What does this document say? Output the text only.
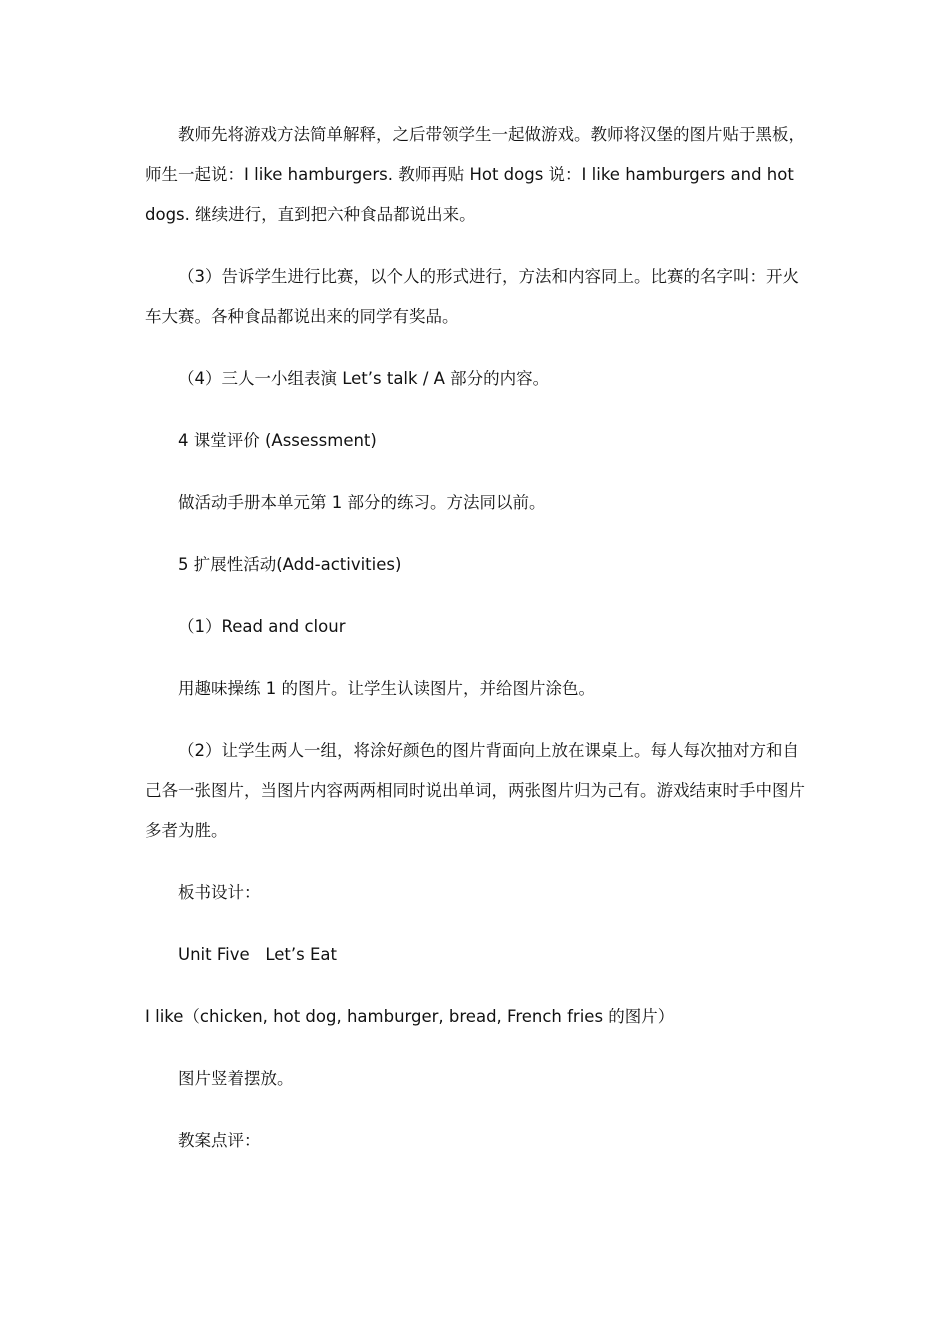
教师先将游戏方法简单解释，之后带领学生一起做游戏。教师将汉堡的图片贴于黑板，师生一起说：I like hamburgers. 教师再贴 Hot dogs 说：I like hamburgers and hot dogs. 继续进行，直到把六种食品都说出来。

（3）告诉学生进行比赛，以个人的形式进行，方法和内容同上。比赛的名字叫：开火车大赛。各种食品都说出来的同学有奖品。

（4）三人一小组表演 Let’s talk / A 部分的内容。

4 课堂评价 (Assessment)

做活动手册本单元第 1 部分的练习。方法同以前。

5 扩展性活动(Add-activities)

（1）Read and clour

用趣味操练 1 的图片。让学生认读图片，并给图片涂色。

（2）让学生两人一组，将涂好颜色的图片背面向上放在课桌上。每人每次抽对方和自己各一张图片，当图片内容两两相同时说出单词，两张图片归为己有。游戏结束时手中图片多者为胜。

板书设计：

Unit Five   Let’s Eat

I like（chicken, hot dog, hamburger, bread, French fries 的图片）

图片竖着摆放。

教案点评：
